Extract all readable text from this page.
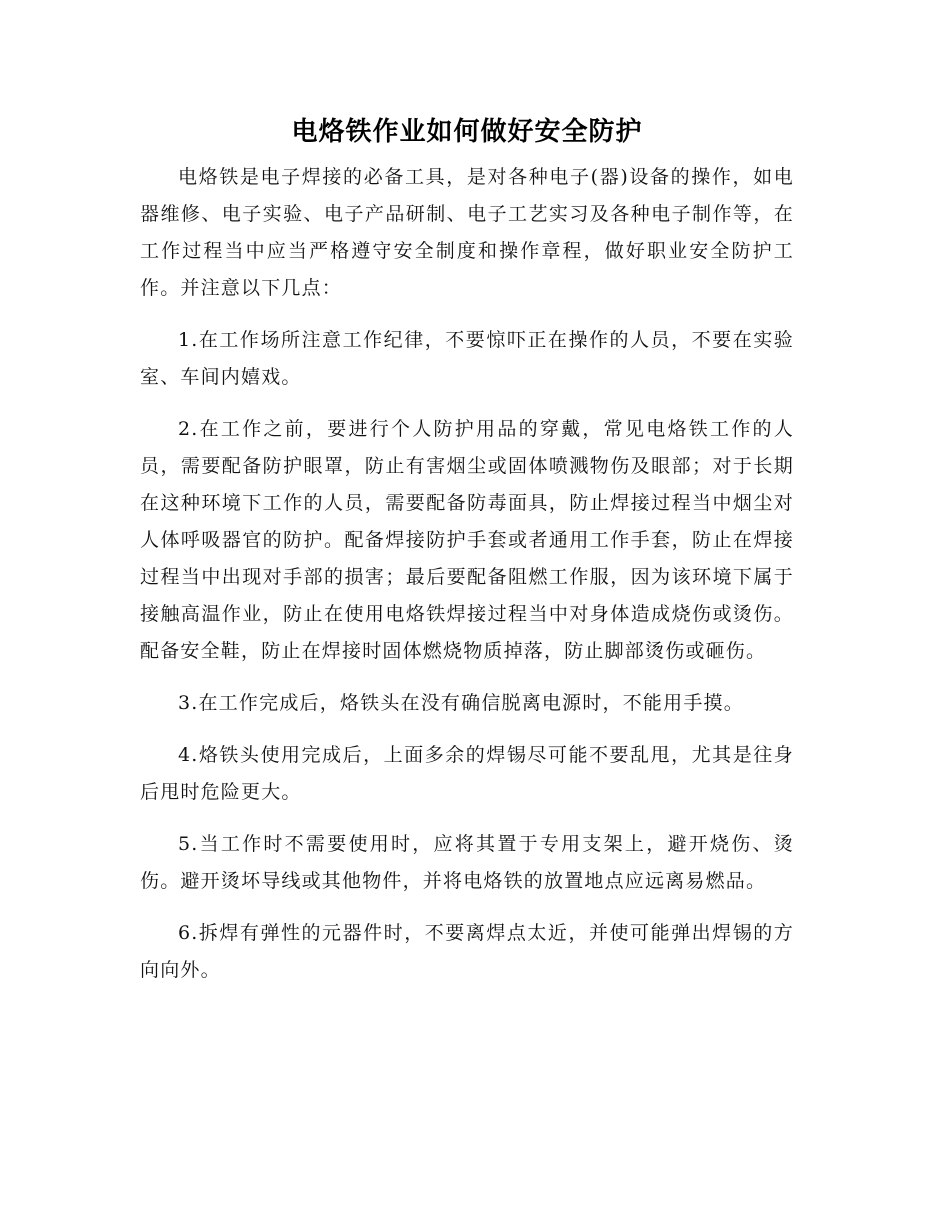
电烙铁作业如何做好安全防护

电烙铁是电子焊接的必备工具，是对各种电子(器)设备的操作，如电器维修、电子实验、电子产品研制、电子工艺实习及各种电子制作等，在工作过程当中应当严格遵守安全制度和操作章程，做好职业安全防护工作。并注意以下几点：

1.在工作场所注意工作纪律，不要惊吓正在操作的人员，不要在实验室、车间内嬉戏。

2.在工作之前，要进行个人防护用品的穿戴，常见电烙铁工作的人员，需要配备防护眼罩，防止有害烟尘或固体喷溅物伤及眼部；对于长期在这种环境下工作的人员，需要配备防毒面具，防止焊接过程当中烟尘对人体呼吸器官的防护。配备焊接防护手套或者通用工作手套，防止在焊接过程当中出现对手部的损害；最后要配备阻燃工作服，因为该环境下属于接触高温作业，防止在使用电烙铁焊接过程当中对身体造成烧伤或烫伤。配备安全鞋，防止在焊接时固体燃烧物质掉落，防止脚部烫伤或砸伤。

3.在工作完成后，烙铁头在没有确信脱离电源时，不能用手摸。

4.烙铁头使用完成后，上面多余的焊锡尽可能不要乱甩，尤其是往身后甩时危险更大。

5.当工作时不需要使用时，应将其置于专用支架上，避开烧伤、烫伤。避开烫坏导线或其他物件，并将电烙铁的放置地点应远离易燃品。

6.拆焊有弹性的元器件时，不要离焊点太近，并使可能弹出焊锡的方向向外。
